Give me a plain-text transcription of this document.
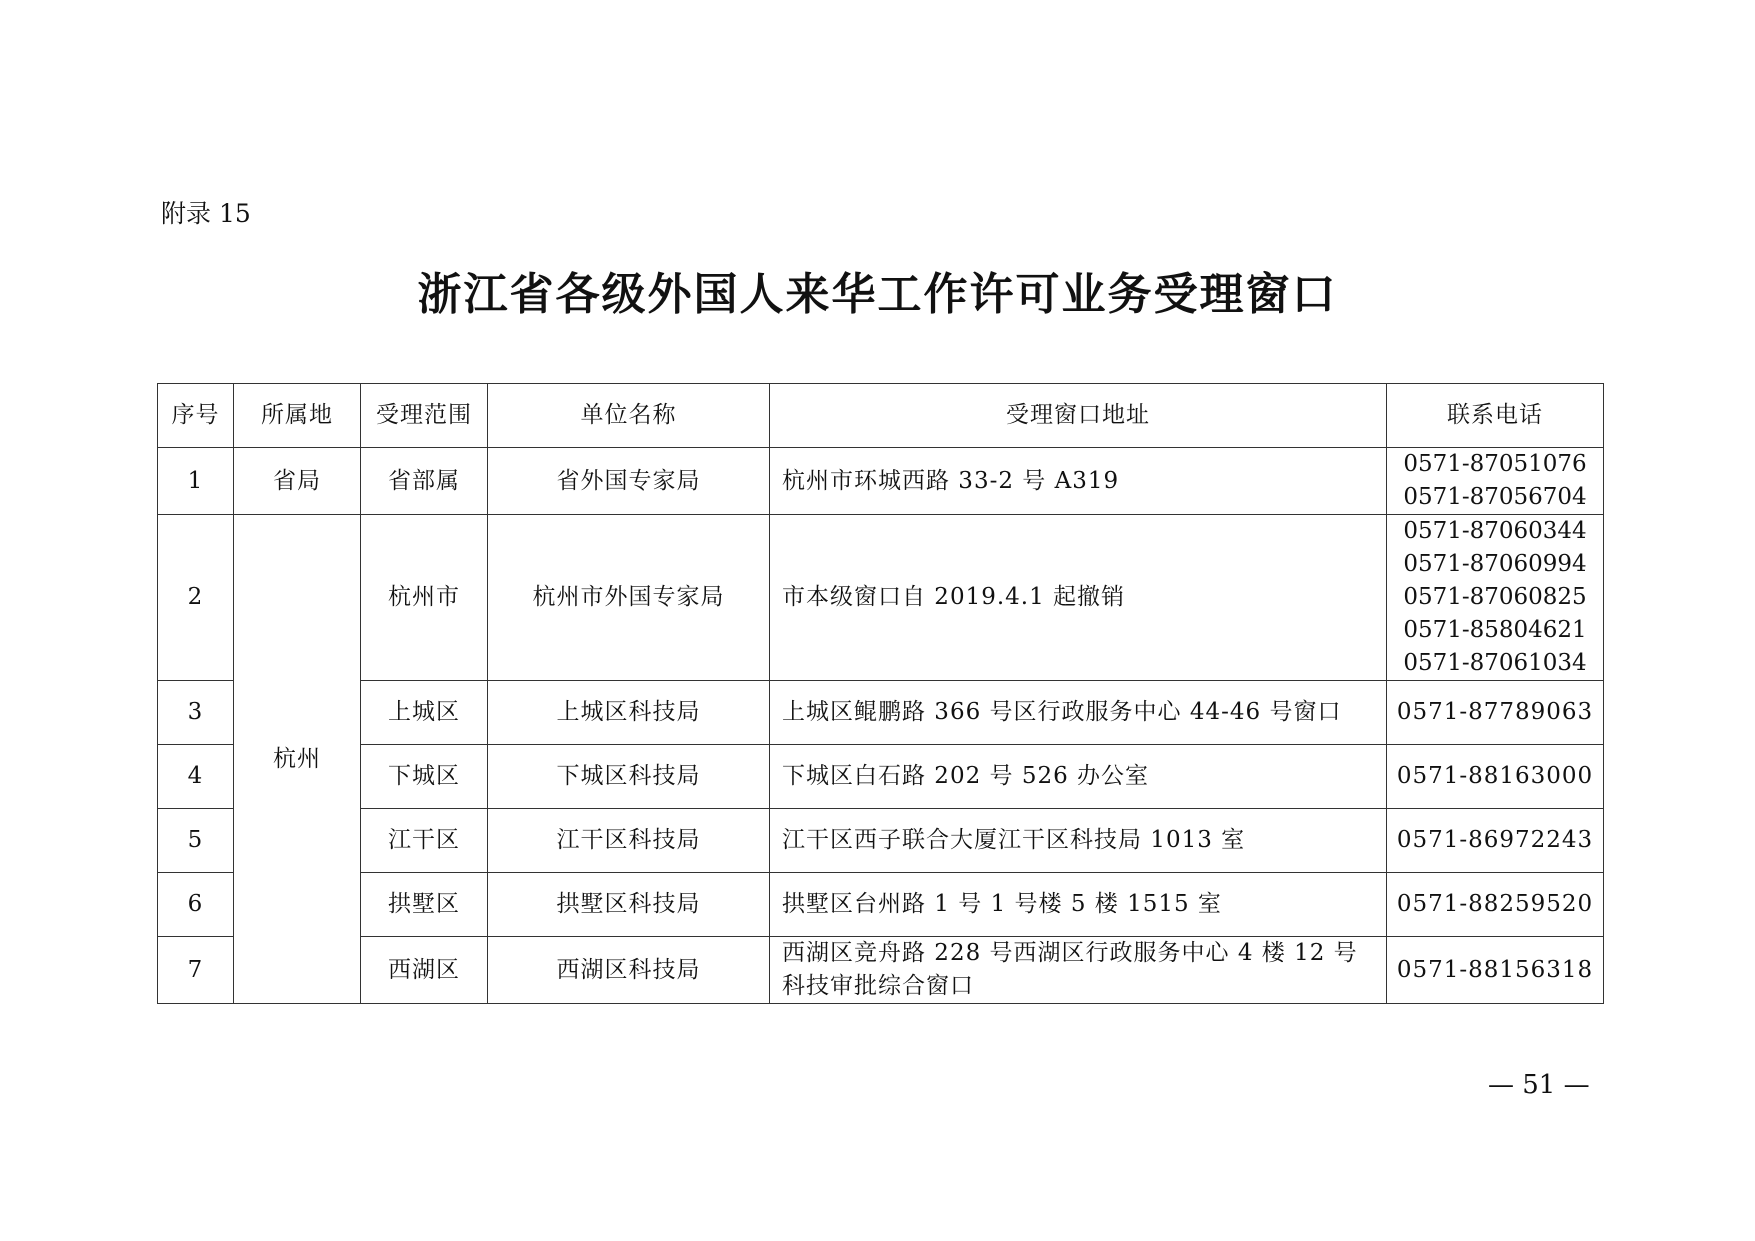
附录 15
浙江省各级外国人来华工作许可业务受理窗口
序号	所属地	受理范围	单位名称	受理窗口地址	联系电话
1	省局	省部属	省外国专家局	杭州市环城西路 33-2 号 A319	0571-87051076
0571-87056704

2	杭州	杭州市	杭州市外国专家局	市本级窗口自 2019.4.1 起撤销	0571-87060344
0571-87060994
0571-87060825
0571-85804621
0571-87061034

3		上城区	上城区科技局	上城区鲲鹏路 366 号区行政服务中心 44-46 号窗口	0571-87789063
4		下城区	下城区科技局	下城区白石路 202 号 526 办公室	0571-88163000
5		江干区	江干区科技局	江干区西子联合大厦江干区科技局 1013 室	0571-86972243
6		拱墅区	拱墅区科技局	拱墅区台州路 1 号 1 号楼 5 楼 1515 室	0571-88259520
7		西湖区	西湖区科技局	西湖区竞舟路 228 号西湖区行政服务中心 4 楼 12 号科技审批综合窗口	0571-88156318
— 51 —
